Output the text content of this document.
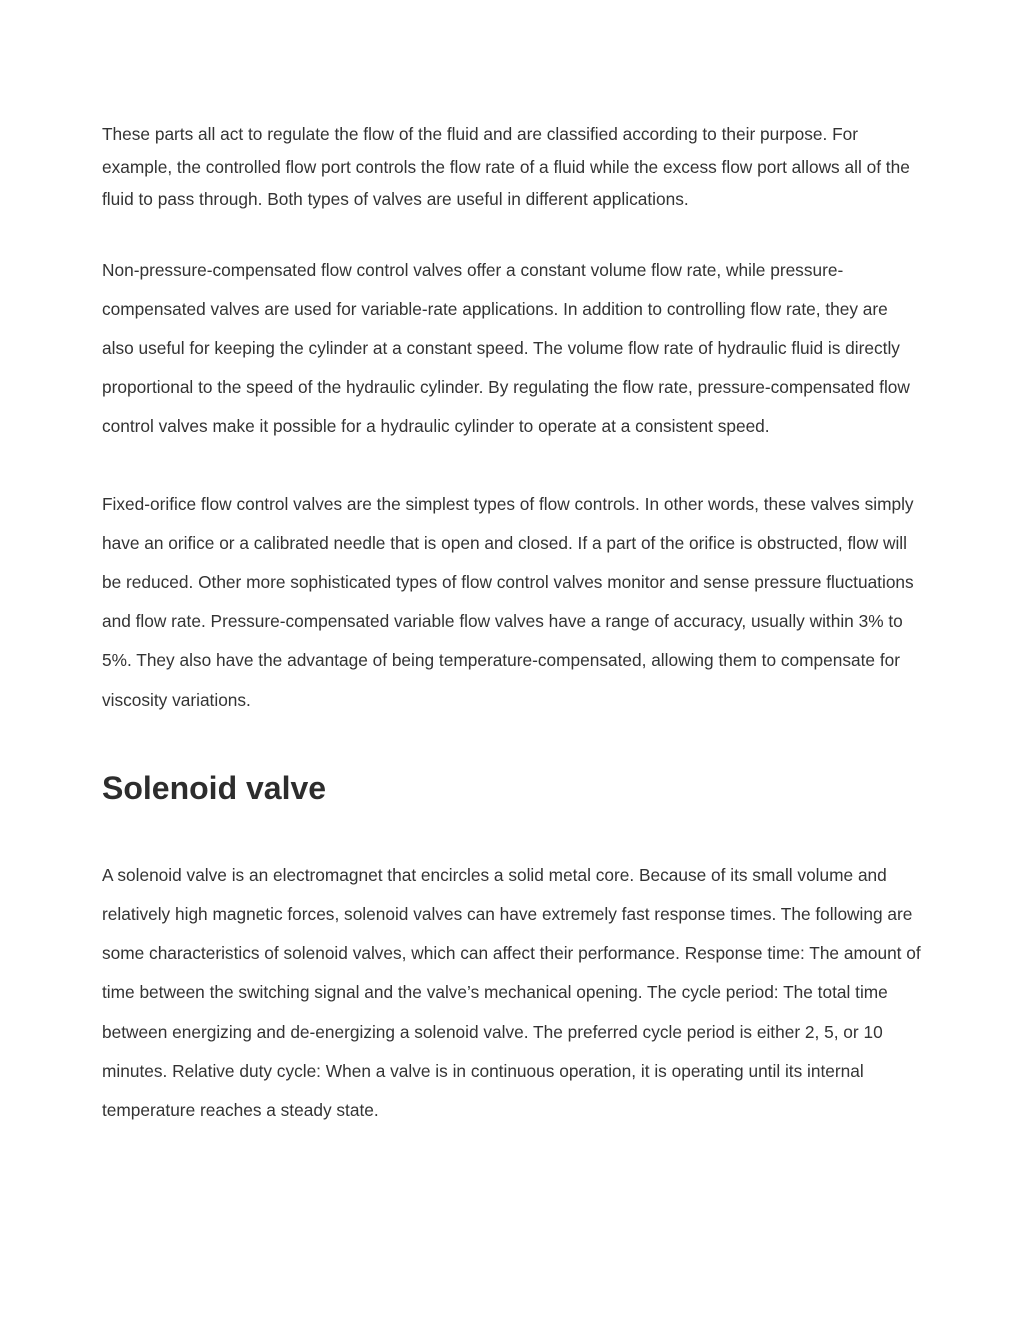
These parts all act to regulate the flow of the fluid and are classified according to their purpose. For example, the controlled flow port controls the flow rate of a fluid while the excess flow port allows all of the fluid to pass through. Both types of valves are useful in different applications.

Non-pressure-compensated flow control valves offer a constant volume flow rate, while pressure-compensated valves are used for variable-rate applications. In addition to controlling flow rate, they are also useful for keeping the cylinder at a constant speed. The volume flow rate of hydraulic fluid is directly proportional to the speed of the hydraulic cylinder. By regulating the flow rate, pressure-compensated flow control valves make it possible for a hydraulic cylinder to operate at a consistent speed.

Fixed-orifice flow control valves are the simplest types of flow controls. In other words, these valves simply have an orifice or a calibrated needle that is open and closed. If a part of the orifice is obstructed, flow will be reduced. Other more sophisticated types of flow control valves monitor and sense pressure fluctuations and flow rate. Pressure-compensated variable flow valves have a range of accuracy, usually within 3% to 5%. They also have the advantage of being temperature-compensated, allowing them to compensate for viscosity variations.

Solenoid valve

A solenoid valve is an electromagnet that encircles a solid metal core. Because of its small volume and relatively high magnetic forces, solenoid valves can have extremely fast response times. The following are some characteristics of solenoid valves, which can affect their performance. Response time: The amount of time between the switching signal and the valve’s mechanical opening. The cycle period: The total time between energizing and de-energizing a solenoid valve. The preferred cycle period is either 2, 5, or 10 minutes. Relative duty cycle: When a valve is in continuous operation, it is operating until its internal temperature reaches a steady state.
